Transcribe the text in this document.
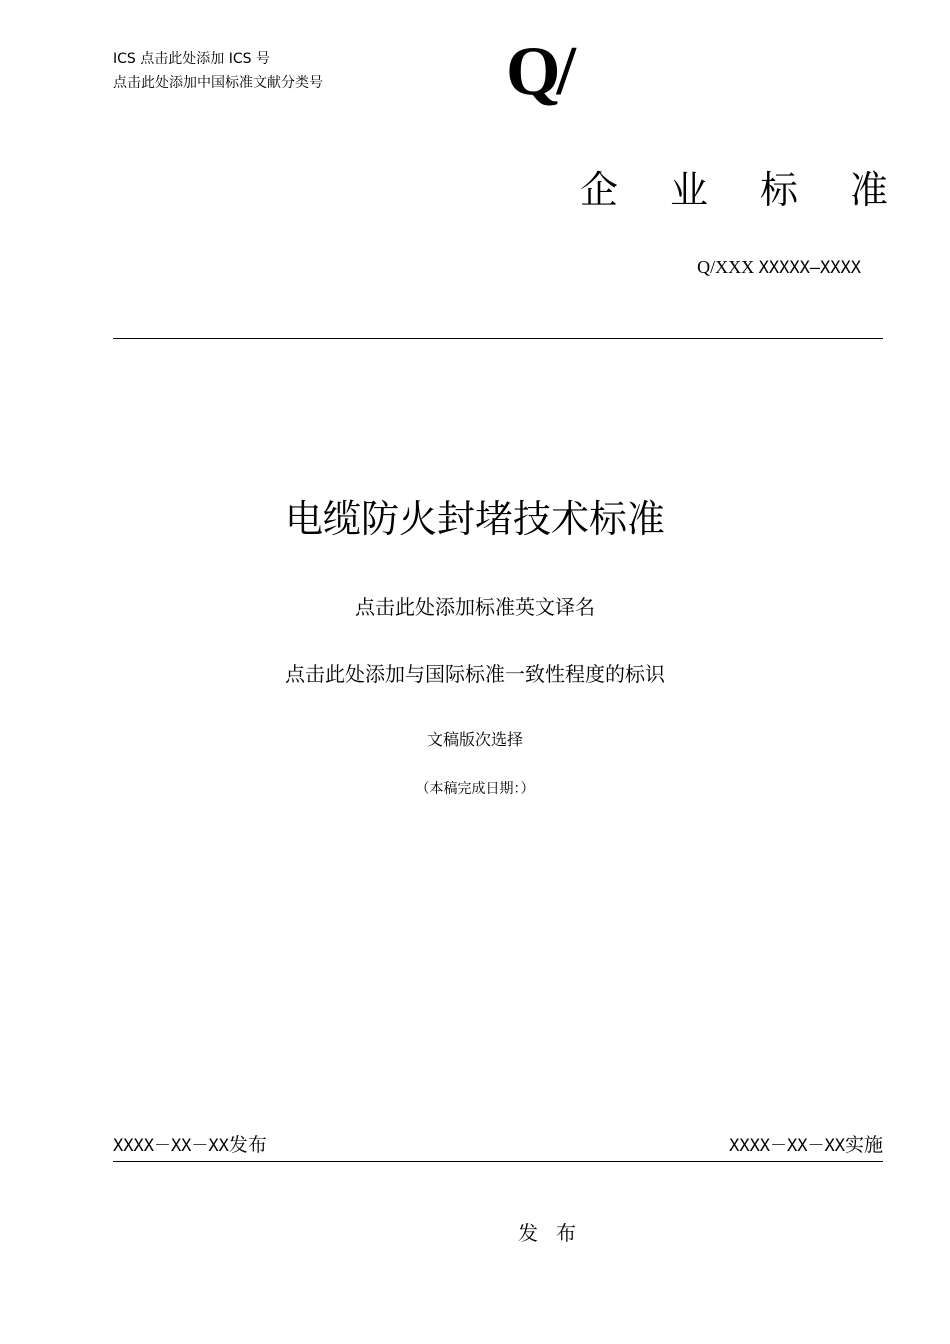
ICS 点击此处添加 ICS 号
点击此处添加中国标准文献分类号	Q/
企业标准
Q/XXX XXXXX—XXXX
电缆防火封堵技术标准
点击此处添加标准英文译名
点击此处添加与国际标准一致性程度的标识
文稿版次选择
（本稿完成日期：）
XXXX－XX－XX发布	XXXX－XX－XX实施
发布
